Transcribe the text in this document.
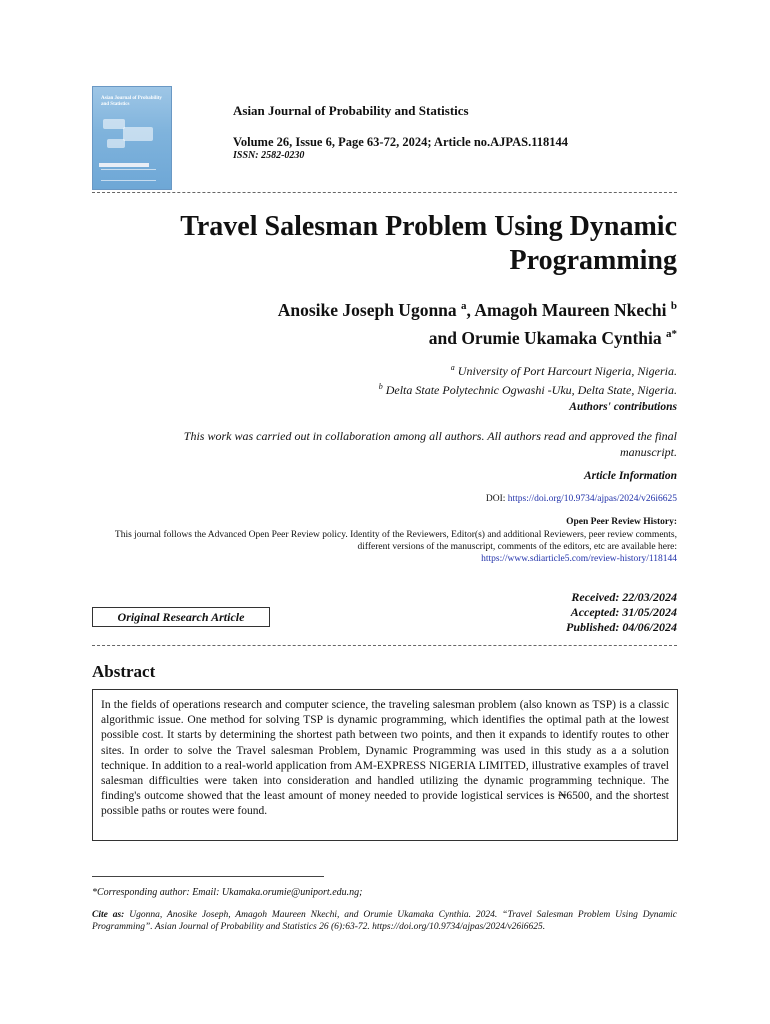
Asian Journal of Probability and Statistics	Asian Journal of Probability and Statistics
Volume 26, Issue 6, Page 63-72, 2024; Article no.AJPAS.118144
ISSN: 2582-0230
Travel Salesman Problem Using Dynamic
Programming
Anosike Joseph Ugonna $^a$, Amagoh Maureen Nkechi $^b$
and Orumie Ukamaka Cynthia $^{a*}$
$^a$ University of Port Harcourt Nigeria, Nigeria.
$^b$ Delta State Polytechnic Ogwashi -Uku, Delta State, Nigeria.
Authors' contributions
This work was carried out in collaboration among all authors. All authors read and approved the final manuscript.
Article Information
DOI: https://doi.org/10.9734/ajpas/2024/v26i6625
Open Peer Review History:
This journal follows the Advanced Open Peer Review policy. Identity of the Reviewers, Editor(s) and additional Reviewers, peer review comments, different versions of the manuscript, comments of the editors, etc are available here:
https://www.sdiarticle5.com/review-history/118144
Received: 22/03/2024
Accepted: 31/05/2024
Published: 04/06/2024
Original Research Article
Abstract
In the fields of operations research and computer science, the traveling salesman problem (also known as TSP) is a classic algorithmic issue. One method for solving TSP is dynamic programming, which identifies the optimal path at the lowest possible cost. It starts by determining the shortest path between two points, and then it expands to identify routes to other sites. In order to solve the Travel salesman Problem, Dynamic Programming was used in this study as a a solution technique. In addition to a real-world application from AM-EXPRESS NIGERIA LIMITED, illustrative examples of travel salesman difficulties were taken into consideration and handled utilizing the dynamic programming technique. The finding's outcome showed that the least amount of money needed to provide logistical services is ₦6500, and the shortest possible paths or routes were found.
*Corresponding author: Email: Ukamaka.orumie@uniport.edu.ng;
Cite as: Ugonna, Anosike Joseph, Amagoh Maureen Nkechi, and Orumie Ukamaka Cynthia. 2024. “Travel Salesman Problem Using Dynamic Programming”. Asian Journal of Probability and Statistics 26 (6):63-72. https://doi.org/10.9734/ajpas/2024/v26i6625.
